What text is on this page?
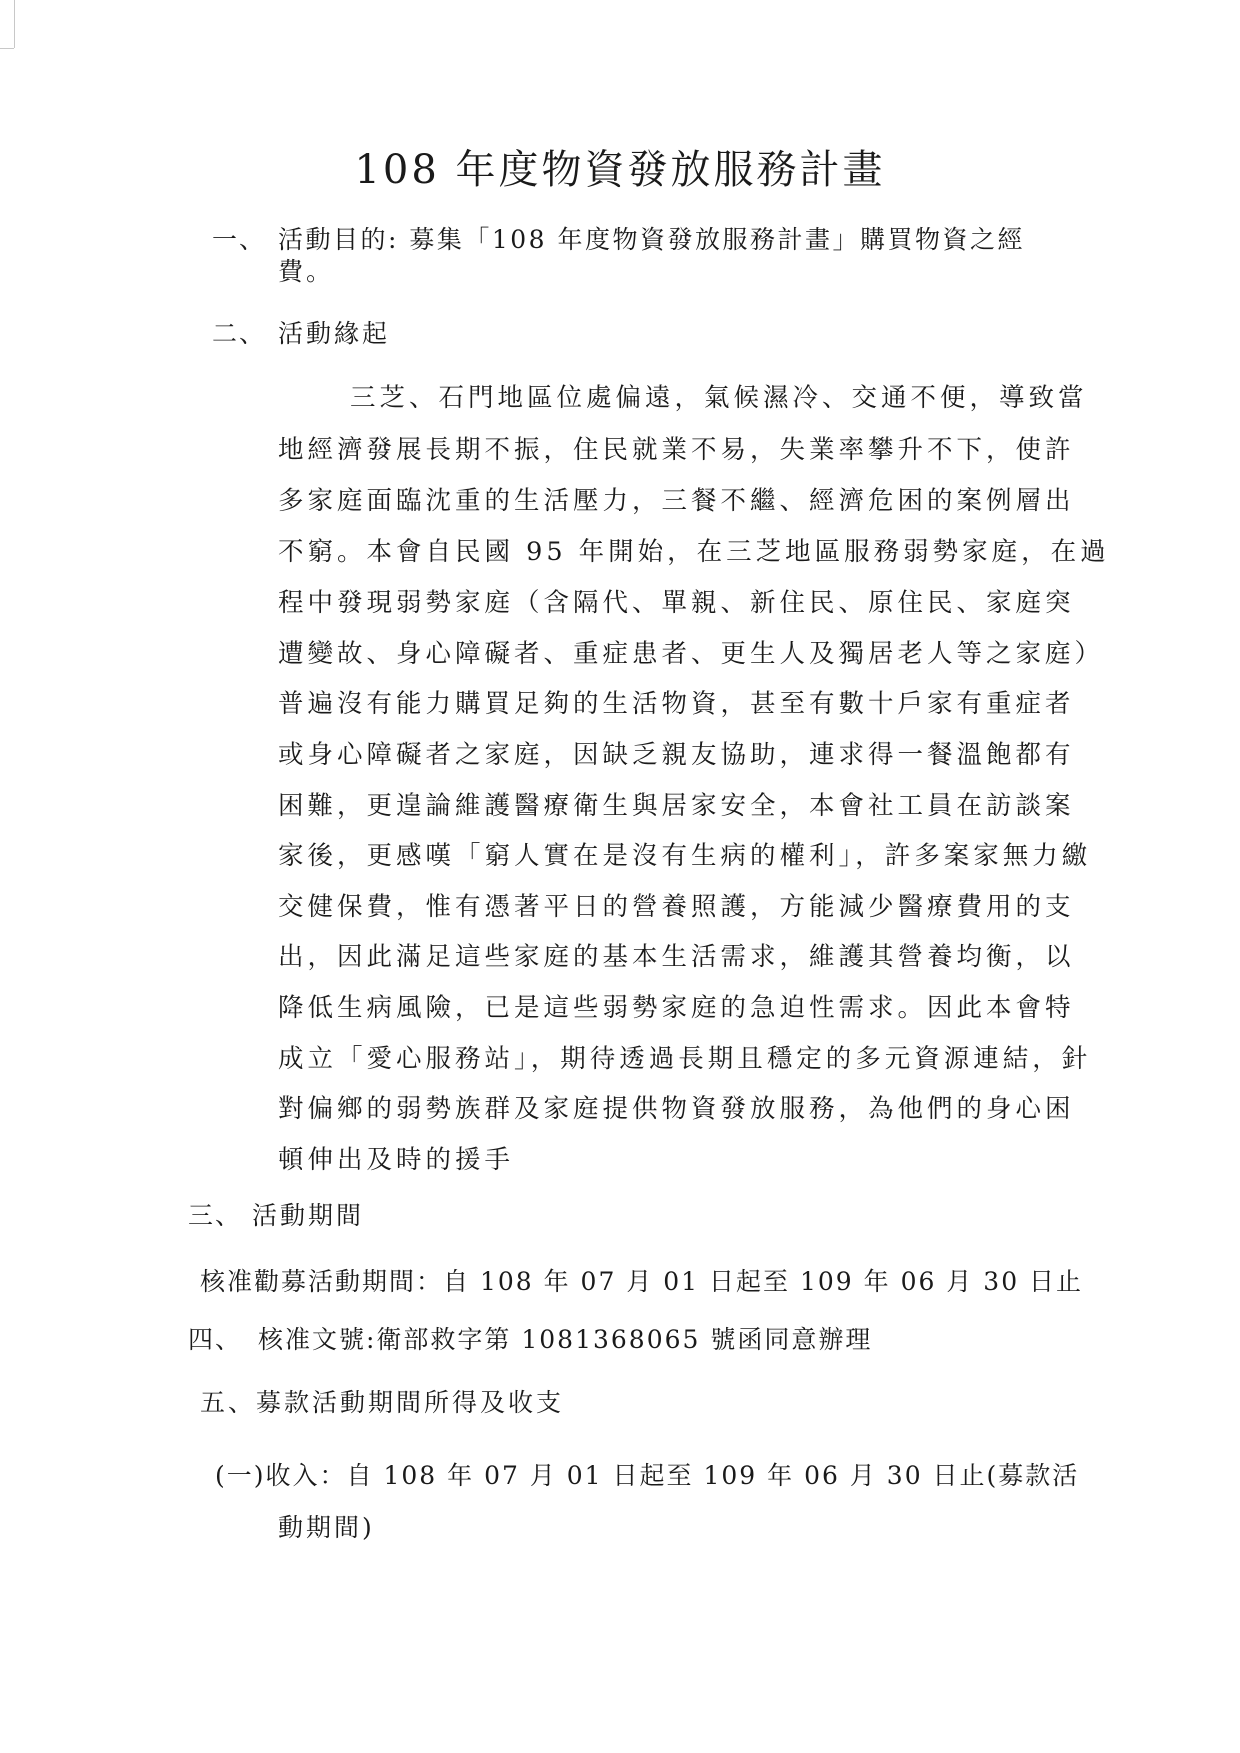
108 年度物資發放服務計畫
一、 活動目的: 募集「108 年度物資發放服務計畫」購買物資之經
費。
二、 活動緣起
三芝、石門地區位處偏遠，氣候濕冷、交通不便，導致當
地經濟發展長期不振，住民就業不易，失業率攀升不下，使許
多家庭面臨沈重的生活壓力，三餐不繼、經濟危困的案例層出
不窮。本會自民國 95 年開始，在三芝地區服務弱勢家庭，在過
程中發現弱勢家庭（含隔代、單親、新住民、原住民、家庭突
遭變故、身心障礙者、重症患者、更生人及獨居老人等之家庭）
普遍沒有能力購買足夠的生活物資，甚至有數十戶家有重症者
或身心障礙者之家庭，因缺乏親友協助，連求得一餐溫飽都有
困難，更遑論維護醫療衛生與居家安全，本會社工員在訪談案
家後，更感嘆「窮人實在是沒有生病的權利」，許多案家無力繳
交健保費，惟有憑著平日的營養照護，方能減少醫療費用的支
出，因此滿足這些家庭的基本生活需求，維護其營養均衡，以
降低生病風險，已是這些弱勢家庭的急迫性需求。因此本會特
成立「愛心服務站」，期待透過長期且穩定的多元資源連結，針
對偏鄉的弱勢族群及家庭提供物資發放服務，為他們的身心困
頓伸出及時的援手
三、 活動期間
核准勸募活動期間：自 108 年 07 月 01 日起至 109 年 06 月 30 日止
四、 核准文號:衛部救字第 1081368065 號函同意辦理
五、募款活動期間所得及收支
(一)收入：自 108 年 07 月 01 日起至 109 年 06 月 30 日止(募款活
動期間)
